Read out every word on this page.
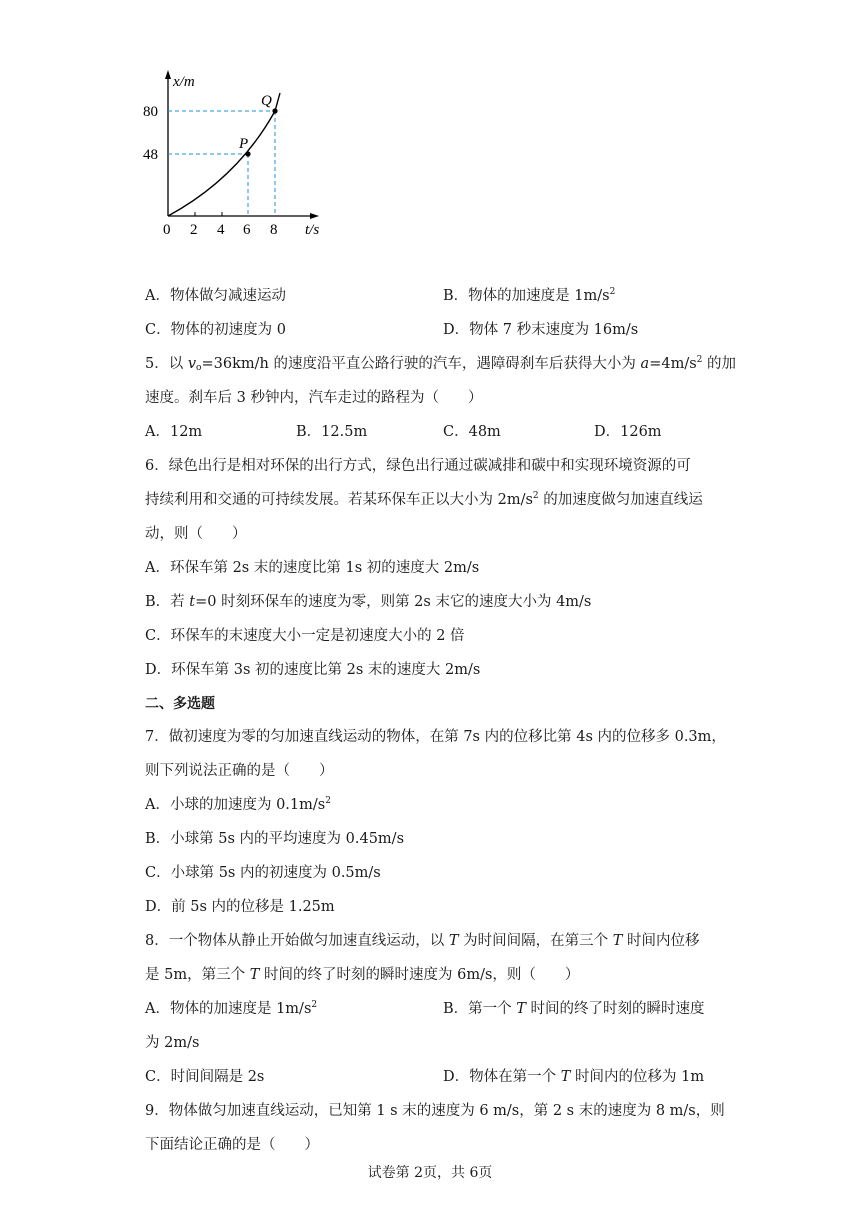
x/m
t/s
80
48
0 2 4 6 8
P
Q
A．物体做匀减速运动	B．物体的加速度是 $1m/s^2$
C．物体的初速度为 0	D．物体 7 秒末速度为 16m/s
5．以 $v_o=36km/h$ 的速度沿平直公路行驶的汽车，遇障碍刹车后获得大小为 $a=4m/s^2$ 的加
速度。刹车后 3 秒钟内，汽车走过的路程为（　　）
A．12m	B．12.5m	C．48m	D．126m
6．绿色出行是相对环保的出行方式，绿色出行通过碳减排和碳中和实现环境资源的可
持续利用和交通的可持续发展。若某环保车正以大小为 $2m/s^2$ 的加速度做匀加速直线运
动，则（　　）
A．环保车第 2s 末的速度比第 1s 初的速度大 2m/s
B．若 t=0 时刻环保车的速度为零，则第 2s 末它的速度大小为 4m/s
C．环保车的末速度大小一定是初速度大小的 2 倍
D．环保车第 3s 初的速度比第 2s 末的速度大 2m/s
二、多选题
7．做初速度为零的匀加速直线运动的物体，在第 7s 内的位移比第 4s 内的位移多 0.3m，
则下列说法正确的是（　　）
A．小球的加速度为 $0.1m/s^2$
B．小球第 5s 内的平均速度为 0.45m/s
C．小球第 5s 内的初速度为 0.5m/s
D．前 5s 内的位移是 1.25m
8．一个物体从静止开始做匀加速直线运动，以 T 为时间间隔，在第三个 T 时间内位移
是 5m，第三个 T 时间的终了时刻的瞬时速度为 6m/s，则（　　）
A．物体的加速度是 $1m/s^2$	B．第一个 T 时间的终了时刻的瞬时速度
为 2m/s
C．时间间隔是 2s	D．物体在第一个 T 时间内的位移为 1m
9．物体做匀加速直线运动，已知第 1 s 末的速度为 6 m/s，第 2 s 末的速度为 8 m/s，则
下面结论正确的是（　　）
试卷第 2页，共 6页
